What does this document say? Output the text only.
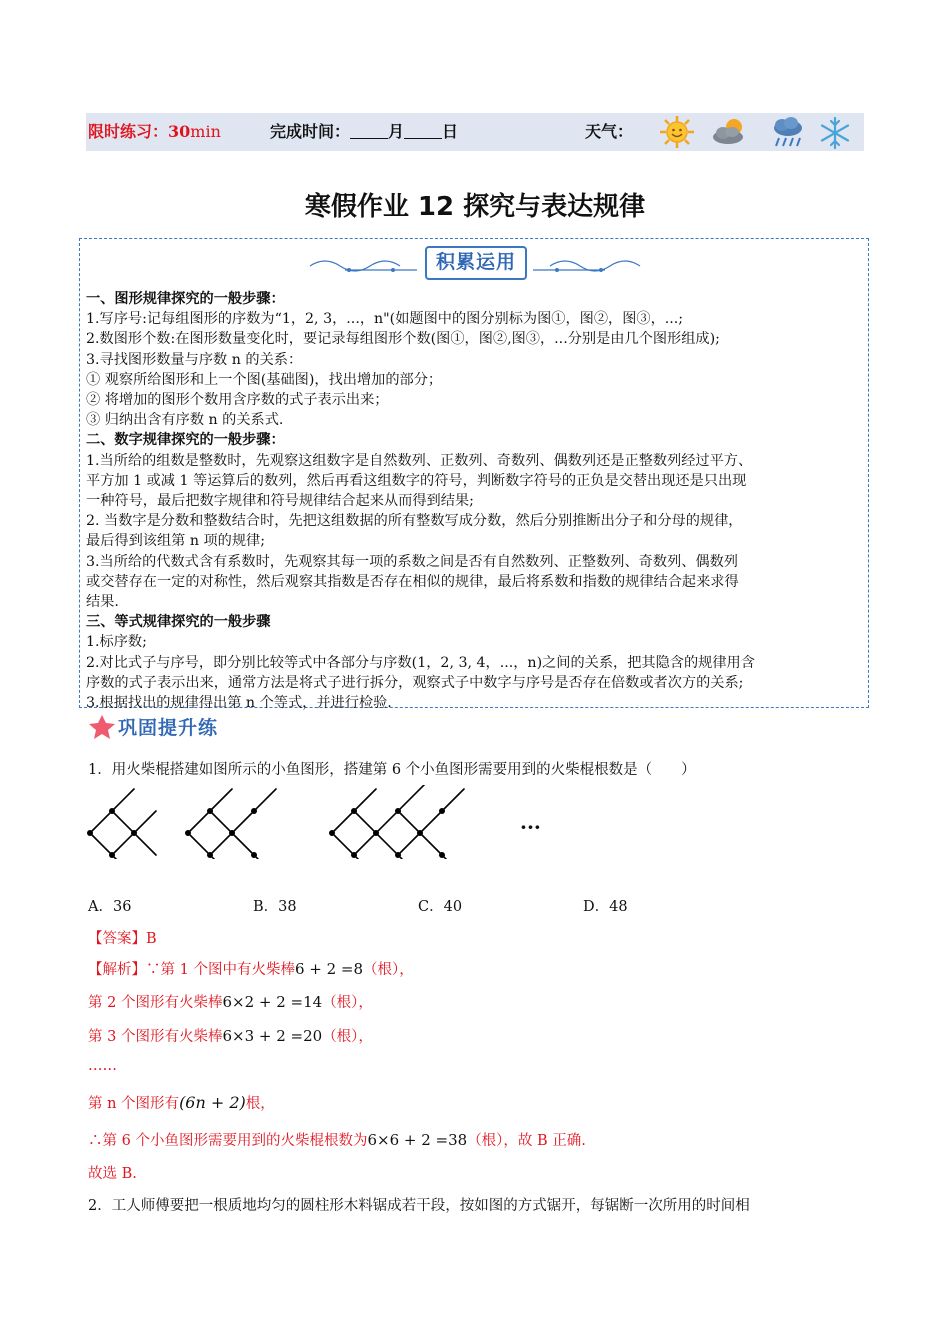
限时练习：30min	完成时间： 月 日	天气：
寒假作业 12 探究与表达规律
积累运用

一、图形规律探究的一般步骤：

1.写序号:记每组图形的序数为“1，2, 3，...，n"(如题图中的图分别标为图①，图②，图③，...;

2.数图形个数:在图形数量变化时，要记录每组图形个数(图①，图②,图③，...分别是由几个图形组成);

3.寻找图形数量与序数 n 的关系：

① 观察所给图形和上一个图(基础图)，找出增加的部分；

② 将增加的图形个数用含序数的式子表示出来；

③ 归纳出含有序数 n 的关系式.

二、数字规律探究的一般步骤：

1.当所给的组数是整数时，先观察这组数字是自然数列、正数列、奇数列、偶数列还是正整数列经过平方、

平方加 1 或减 1 等运算后的数列，然后再看这组数字的符号，判断数字符号的正负是交替出现还是只出现

一种符号，最后把数字规律和符号规律结合起来从而得到结果;

2. 当数字是分数和整数结合时，先把这组数据的所有整数写成分数，然后分别推断出分子和分母的规律，

最后得到该组第 n 项的规律;

3.当所给的代数式含有系数时，先观察其每一项的系数之间是否有自然数列、正整数列、奇数列、偶数列

或交替存在一定的对称性，然后观察其指数是否存在相似的规律，最后将系数和指数的规律结合起来求得

结果.

三、等式规律探究的一般步骤

1.标序数;

2.对比式子与序号，即分别比较等式中各部分与序数(1，2, 3, 4，...，n)之间的关系，把其隐含的规律用含

序数的式子表示出来，通常方法是将式子进行拆分，观察式子中数字与序号是否存在倍数或者次方的关系;

3.根据找出的规律得出第 n 个等式，并进行检验.

巩固提升练
1．用火柴棍搭建如图所示的小鱼图形，搭建第 6 个小鱼图形需要用到的火柴棍根数是（　　）
···
A．36	B．38	C．40	D．48
【答案】B
【解析】∵第 1 个图中有火柴棒6 + 2 =8（根），
第 2 个图形有火柴棒6×2 + 2 =14（根），
第 3 个图形有火柴棒6×3 + 2 =20（根），
……
第 n 个图形有(6n + 2)根，
∴第 6 个小鱼图形需要用到的火柴棍根数为6×6 + 2 =38（根），故 B 正确.
故选 B.
2．工人师傅要把一根质地均匀的圆柱形木料锯成若干段，按如图的方式锯开，每锯断一次所用的时间相
